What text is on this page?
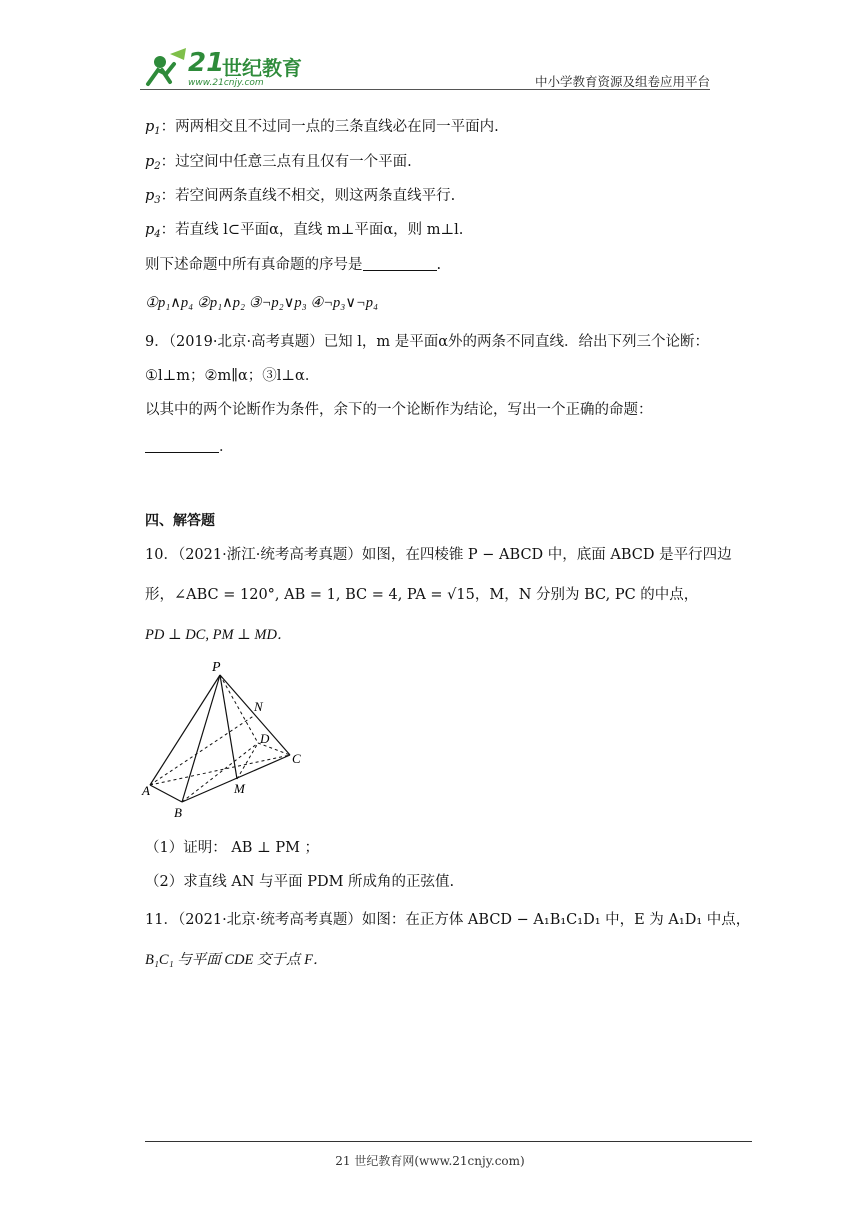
21
世纪教育
www.21cnjy.com	中小学教育资源及组卷应用平台
$p_1$：两两相交且不过同一点的三条直线必在同一平面内.
$p_2$：过空间中任意三点有且仅有一个平面.
$p_3$：若空间两条直线不相交，则这两条直线平行.
$p_4$：若直线 l⊂平面α，直线 m⊥平面α，则 m⊥l.
则下述命题中所有真命题的序号是	.
①p₁∧p₄ ②p₁∧p₂ ③¬p₂∨p₃ ④¬p₃∨¬p₄
9．（2019·北京·高考真题）已知 l，m 是平面α外的两条不同直线．给出下列三个论断：
①l⊥m；②m∥α；③l⊥α．
以其中的两个论断作为条件，余下的一个论断作为结论，写出一个正确的命题：
．
四、解答题
10．（2021·浙江·统考高考真题）如图，在四棱锥 P − ABCD 中，底面 ABCD 是平行四边
形，∠ABC = 120°, AB = 1, BC = 4, PA = √15，M，N 分别为 BC, PC 的中点，
PD ⊥ DC, PM ⊥ MD．
P
N
D
C
A	M
B
（1）证明： AB ⊥ PM ；
（2）求直线 AN 与平面 PDM 所成角的正弦值.
11．（2021·北京·统考高考真题）如图：在正方体 ABCD − A₁B₁C₁D₁ 中，E 为 A₁D₁ 中点，
B₁C₁ 与平面 CDE 交于点 F．
21 世纪教育网(www.21cnjy.com)
